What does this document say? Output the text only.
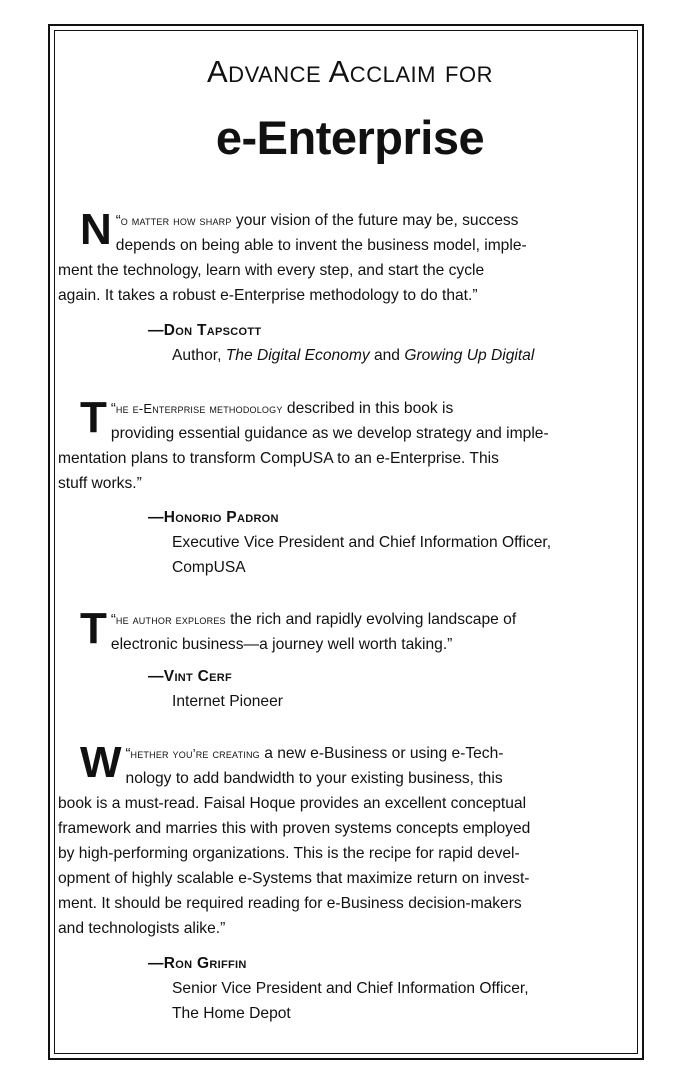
Advance Acclaim for
e-Enterprise
“
N o matter how sharp your vision of the future may be, success
depends on being able to invent the business model, imple-
ment the technology, learn with every step, and start the cycle
again. It takes a robust e-Enterprise methodology to do that.”
—Don Tapscott
Author, The Digital Economy and Growing Up Digital
“
T he e-Enterprise methodology described in this book is
providing essential guidance as we develop strategy and imple-
mentation plans to transform CompUSA to an e-Enterprise. This
stuff works.”
—Honorio Padron
Executive Vice President and Chief Information Officer,
CompUSA
“
T he author explores the rich and rapidly evolving landscape of
electronic business—a journey well worth taking.”
—Vint Cerf
Internet Pioneer
“
W hether you’re creating a new e-Business or using e-Tech-
nology to add bandwidth to your existing business, this
book is a must-read. Faisal Hoque provides an excellent conceptual
framework and marries this with proven systems concepts employed
by high-performing organizations. This is the recipe for rapid devel-
opment of highly scalable e-Systems that maximize return on invest-
ment. It should be required reading for e-Business decision-makers
and technologists alike.”
—Ron Griffin
Senior Vice President and Chief Information Officer,
The Home Depot
